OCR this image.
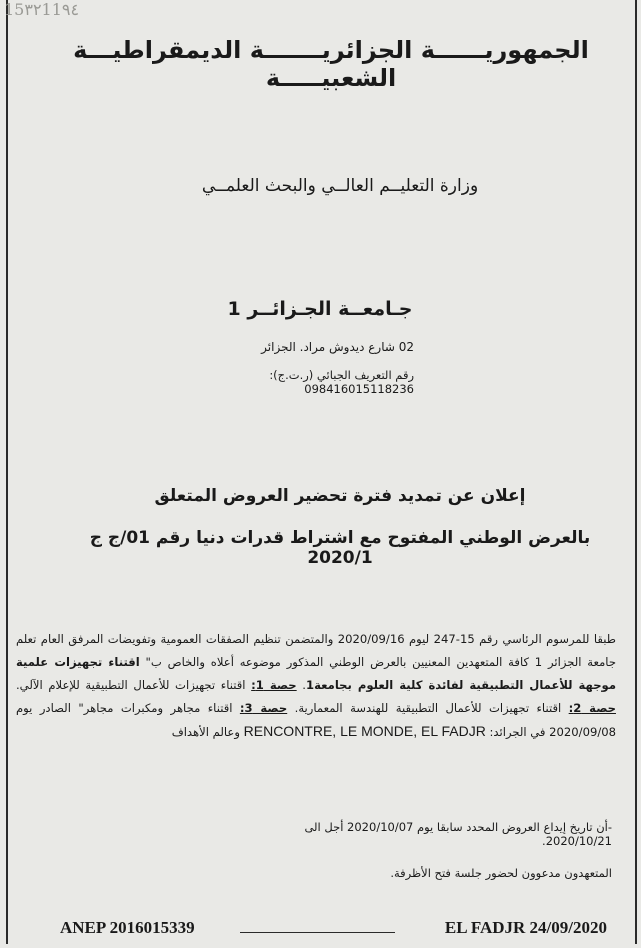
15٣٢11٩٤
الجمهوريــــــة الجزائريـــــــة الديمقراطيـــة الشعبيـــــة
وزارة التعليــم العالــي والبحث العلمــي
جـامعــة الجـزائــر 1
02 شارع ديدوش مراد. الجزائر
رقم التعريف الجبائي (ر.ت.ج): 098416015118236
إعلان عن تمديد فترة تحضير العروض المتعلق
بالعرض الوطني المفتوح مع اشتراط قدرات دنيا رقم 01/ج ج 2020/1
طبقا للمرسوم الرئاسي رقم 15-247 ليوم 2020/09/16 والمتضمن تنظيم الصفقات العمومية وتفويضات المرفق العام تعلم جامعة الجزائر 1 كافة المتعهدين المعنيين بالعرض الوطني المذكور موضوعه أعلاه والخاص ب" اقتناء تجهيزات علمية موجهة للأعمال التطبيقية لفائدة كلية العلوم بجامعة1. حصة 1: اقتناء تجهيزات للأعمال التطبيقية للإعلام الآلي. حصة 2: اقتناء تجهيزات للأعمال التطبيقية للهندسة المعمارية. حصة 3: اقتناء مجاهر ومكبرات مجاهر" الصادر يوم 2020/09/08 في الجرائد: RENCONTRE, LE MONDE, EL FADJR وعالم الأهداف
-أن تاريخ إيداع العروض المحدد سابقا يوم 2020/10/07 أجل الى 2020/10/21.
المتعهدون مدعوون لحضور جلسة فتح الأظرفة.
ANEP 2016015339	EL FADJR 24/09/2020
